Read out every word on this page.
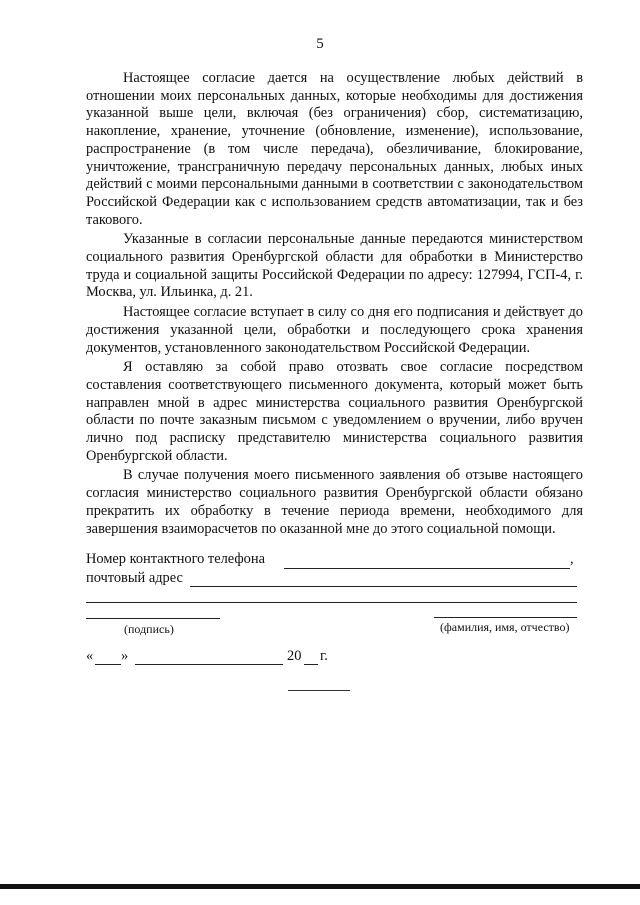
5

Настоящее согласие дается на осуществление любых действий в отношении моих персональных данных, которые необходимы для достижения указанной выше цели, включая (без ограничения) сбор, систематизацию, накопление, хранение, уточнение (обновление, изменение), использование, распространение (в том числе передача), обезличивание, блокирование, уничтожение, трансграничную передачу персональных данных, любых иных действий с моими персональными данными в соответствии с законодательством Российской Федерации как с использованием средств автоматизации, так и без такового.

Указанные в согласии персональные данные передаются министерством социального развития Оренбургской области для обработки в Министерство труда и социальной защиты Российской Федерации по адресу: 127994, ГСП-4, г. Москва, ул. Ильинка, д. 21.

Настоящее согласие вступает в силу со дня его подписания и действует до достижения указанной цели, обработки и последующего срока хранения документов, установленного законодательством Российской Федерации.

Я оставляю за собой право отозвать свое согласие посредством составления соответствующего письменного документа, который может быть направлен мной в адрес министерства социального развития Оренбургской области по почте заказным письмом с уведомлением о вручении, либо вручен лично под расписку представителю министерства социального развития Оренбургской области.

В случае получения моего письменного заявления об отзыве настоящего согласия министерство социального развития Оренбургской области обязано прекратить их обработку в течение периода времени, необходимого для завершения взаиморасчетов по оказанной мне до этого социальной помощи.

Номер контактного телефона	,
почтовый адрес
(подпись)	(фамилия, имя, отчество)
« »	20 г.
